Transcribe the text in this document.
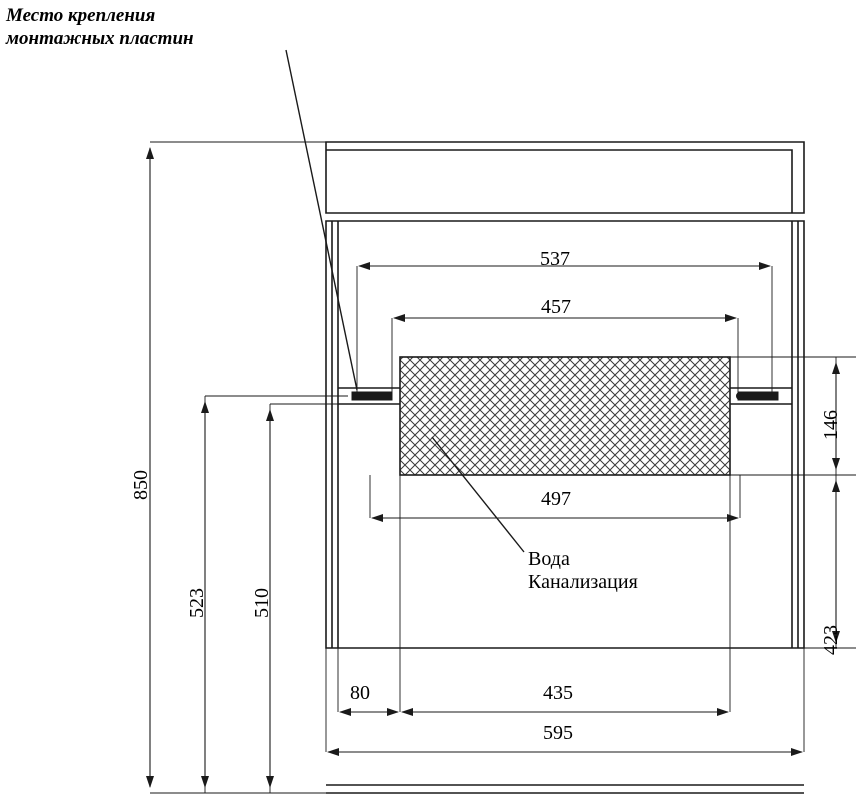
Место крепления
монтажных пластин
Вода
Канализация
850
523 510
146
423
537
457
497
80	435
595
